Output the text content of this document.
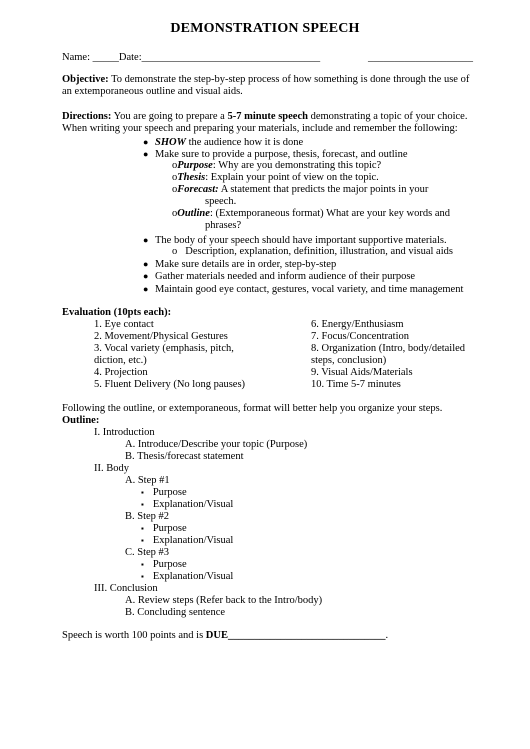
DEMONSTRATION SPEECH
Name: _____Date:__________________________________	____________________
Objective: To demonstrate the step-by-step process of how something is done through the use of
an extemporaneous outline and visual aids.
Directions: You are going to prepare a 5-7 minute speech demonstrating a topic of your choice.
When writing your speech and preparing your materials, include and remember the following:
● SHOW the audience how it is done
● Make sure to provide a purpose, thesis, forecast, and outline
oPurpose: Why are you demonstrating this topic?
oThesis: Explain your point of view on the topic.
oForecast: A statement that predicts the major points in your
speech.
oOutline: (Extemporaneous format) What are your key words and
phrases?
● The body of your speech should have important supportive materials.
o Description, explanation, definition, illustration, and visual aids
● Make sure details are in order, step-by-step
● Gather materials needed and inform audience of their purpose
● Maintain good eye contact, gestures, vocal variety, and time management
Evaluation (10pts each):
1. Eye contact
2. Movement/Physical Gestures
3. Vocal variety (emphasis, pitch,
diction, etc.)
4. Projection
5. Fluent Delivery (No long pauses)
6. Energy/Enthusiasm
7. Focus/Concentration
8. Organization (Intro, body/detailed
steps, conclusion)
9. Visual Aids/Materials
10. Time 5-7 minutes
Following the outline, or extemporaneous, format will better help you organize your steps.
Outline:
I. Introduction
A. Introduce/Describe your topic (Purpose)
B. Thesis/forecast statement
II. Body
A. Step #1
▪ Purpose
▪ Explanation/Visual
B. Step #2
▪ Purpose
▪ Explanation/Visual
C. Step #3
▪ Purpose
▪ Explanation/Visual
III. Conclusion
A. Review steps (Refer back to the Intro/body)
B. Concluding sentence
Speech is worth 100 points and is DUE______________________________.
